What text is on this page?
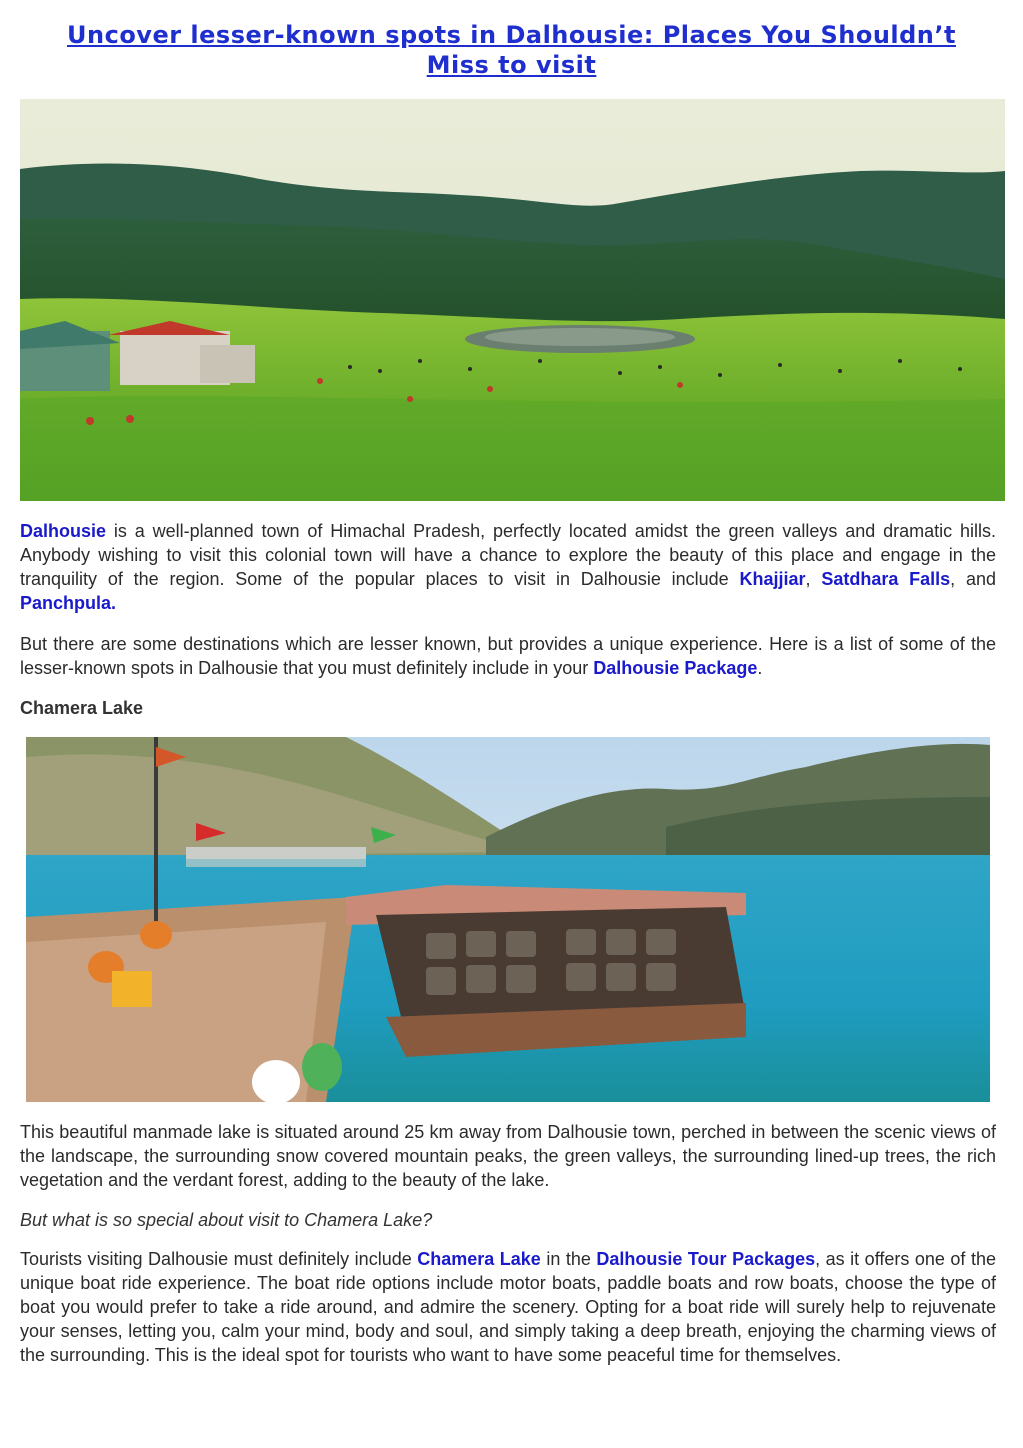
Uncover lesser-known spots in Dalhousie: Places You Shouldn’t
Miss to visit

Dalhousie is a well-planned town of Himachal Pradesh, perfectly located amidst the green valleys and dramatic hills. Anybody wishing to visit this colonial town will have a chance to explore the beauty of this place and engage in the tranquility of the region. Some of the popular places to visit in Dalhousie include Khajjiar, Satdhara Falls, and Panchpula.

But there are some destinations which are lesser known, but provides a unique experience. Here is a list of some of the lesser-known spots in Dalhousie that you must definitely include in your Dalhousie Package.

Chamera Lake

This beautiful manmade lake is situated around 25 km away from Dalhousie town, perched in between the scenic views of the landscape, the surrounding snow covered mountain peaks, the green valleys, the surrounding lined-up trees, the rich vegetation and the verdant forest, adding to the beauty of the lake.

But what is so special about visit to Chamera Lake?

Tourists visiting Dalhousie must definitely include Chamera Lake in the Dalhousie Tour Packages, as it offers one of the unique boat ride experience. The boat ride options include motor boats, paddle boats and row boats, choose the type of boat you would prefer to take a ride around, and admire the scenery. Opting for a boat ride will surely help to rejuvenate your senses, letting you, calm your mind, body and soul, and simply taking a deep breath, enjoying the charming views of the surrounding. This is the ideal spot for tourists who want to have some peaceful time for themselves.
